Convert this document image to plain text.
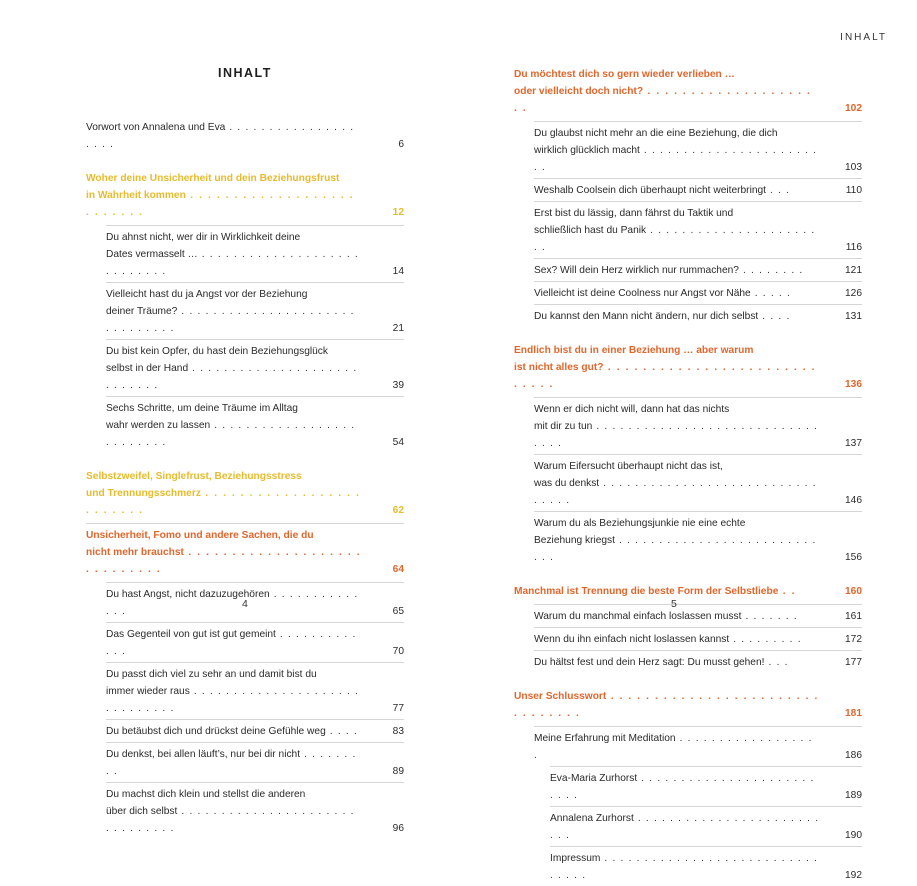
INHALT
INHALT
Vorwort von Annalena und Eva . . . . . . . . . . . . . . . . . . . .	6
Woher deine Unsicherheit und dein Beziehungsfrust
in Wahrheit kommen . . . . . . . . . . . . . . . . . . . . . . . . . .	12
Du ahnst nicht, wer dir in Wirklichkeit deine
Dates vermasselt … . . . . . . . . . . . . . . . . . . . . . . . . . . . .	14
Vielleicht hast du ja Angst vor der Beziehung
deiner Träume? . . . . . . . . . . . . . . . . . . . . . . . . . . . . . . .	21
Du bist kein Opfer, du hast dein Beziehungsglück
selbst in der Hand . . . . . . . . . . . . . . . . . . . . . . . . . . . .	39
Sechs Schritte, um deine Träume im Alltag
wahr werden zu lassen . . . . . . . . . . . . . . . . . . . . . . . . . .	54
Selbstzweifel, Singlefrust, Beziehungsstress
und Trennungsschmerz . . . . . . . . . . . . . . . . . . . . . . . . .	62
Unsicherheit, Fomo und andere Sachen, die du
nicht mehr brauchst . . . . . . . . . . . . . . . . . . . . . . . . . . . . .	64
Du hast Angst, nicht dazuzugehören . . . . . . . . . . . . . .	65
Das Gegenteil von gut ist gut gemeint . . . . . . . . . . . . .	70
Du passt dich viel zu sehr an und damit bist du
immer wieder raus . . . . . . . . . . . . . . . . . . . . . . . . . . . . . .	77
Du betäubst dich und drückst deine Gefühle weg . . . .	83
Du denkst, bei allen läuft’s, nur bei dir nicht . . . . . . . . .	89
Du machst dich klein und stellst die anderen
über dich selbst . . . . . . . . . . . . . . . . . . . . . . . . . . . . . . .	96
4
Du möchtest dich so gern wieder verlieben …
oder vielleicht doch nicht? . . . . . . . . . . . . . . . . . . . . .	102
Du glaubst nicht mehr an die eine Beziehung, die dich
wirklich glücklich macht . . . . . . . . . . . . . . . . . . . . . . . .	103
Weshalb Coolsein dich überhaupt nicht weiterbringt . . .	110
Erst bist du lässig, dann fährst du Taktik und
schließlich hast du Panik . . . . . . . . . . . . . . . . . . . . . . .	116
Sex? Will dein Herz wirklich nur rummachen? . . . . . . . .	121
Vielleicht ist deine Coolness nur Angst vor Nähe . . . . .	126
Du kannst den Mann nicht ändern, nur dich selbst . . . .	131
Endlich bist du in einer Beziehung … aber warum
ist nicht alles gut? . . . . . . . . . . . . . . . . . . . . . . . . . . . . .	136
Wenn er dich nicht will, dann hat das nichts
mit dir zu tun . . . . . . . . . . . . . . . . . . . . . . . . . . . . . . . .	137
Warum Eifersucht überhaupt nicht das ist,
was du denkst . . . . . . . . . . . . . . . . . . . . . . . . . . . . . . . .	146
Warum du als Beziehungsjunkie nie eine echte
Beziehung kriegst . . . . . . . . . . . . . . . . . . . . . . . . . . . .	156
Manchmal ist Trennung die beste Form der Selbstliebe . .	160
Warum du manchmal einfach loslassen musst . . . . . . .	161
Wenn du ihn einfach nicht loslassen kannst . . . . . . . . .	172
Du hältst fest und dein Herz sagt: Du musst gehen! . . .	177
Unser Schlusswort . . . . . . . . . . . . . . . . . . . . . . . . . . . . . . . .	181
Meine Erfahrung mit Meditation . . . . . . . . . . . . . . . . . .	186
Eva-Maria Zurhorst . . . . . . . . . . . . . . . . . . . . . . . . . .	189
Annalena Zurhorst . . . . . . . . . . . . . . . . . . . . . . . . . .	190
Impressum . . . . . . . . . . . . . . . . . . . . . . . . . . . . . . . .	192
5
